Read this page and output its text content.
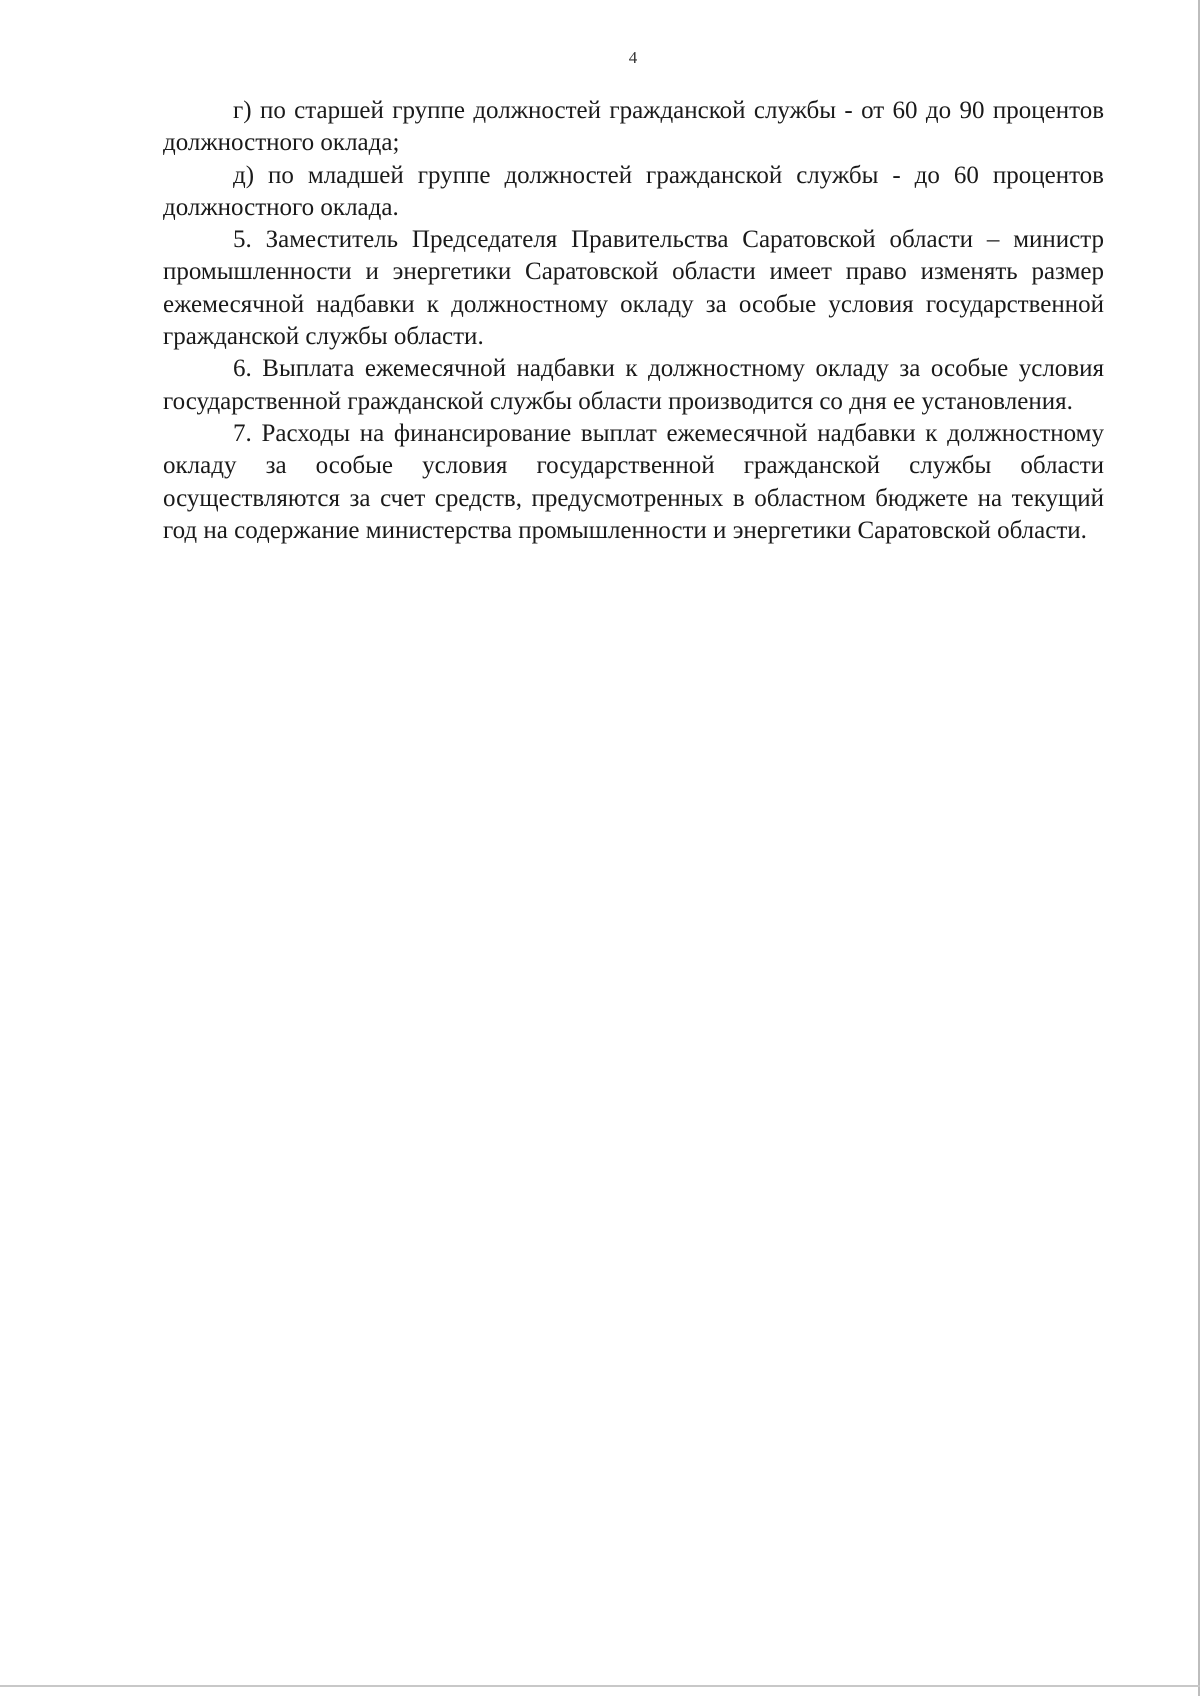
4

г) по старшей группе должностей гражданской службы - от 60 до 90 процентов должностного оклада;

д) по младшей группе должностей гражданской службы - до 60 процентов должностного оклада.

5. Заместитель Председателя Правительства Саратовской области – министр промышленности и энергетики Саратовской области имеет право изменять размер ежемесячной надбавки к должностному окладу за особые условия государственной гражданской службы области.

6. Выплата ежемесячной надбавки к должностному окладу за особые условия государственной гражданской службы области производится со дня ее установления.

7. Расходы на финансирование выплат ежемесячной надбавки к должностному окладу за особые условия государственной гражданской службы области осуществляются за счет средств, предусмотренных в областном бюджете на текущий год на содержание министерства промышленности и энергетики Саратовской области.
